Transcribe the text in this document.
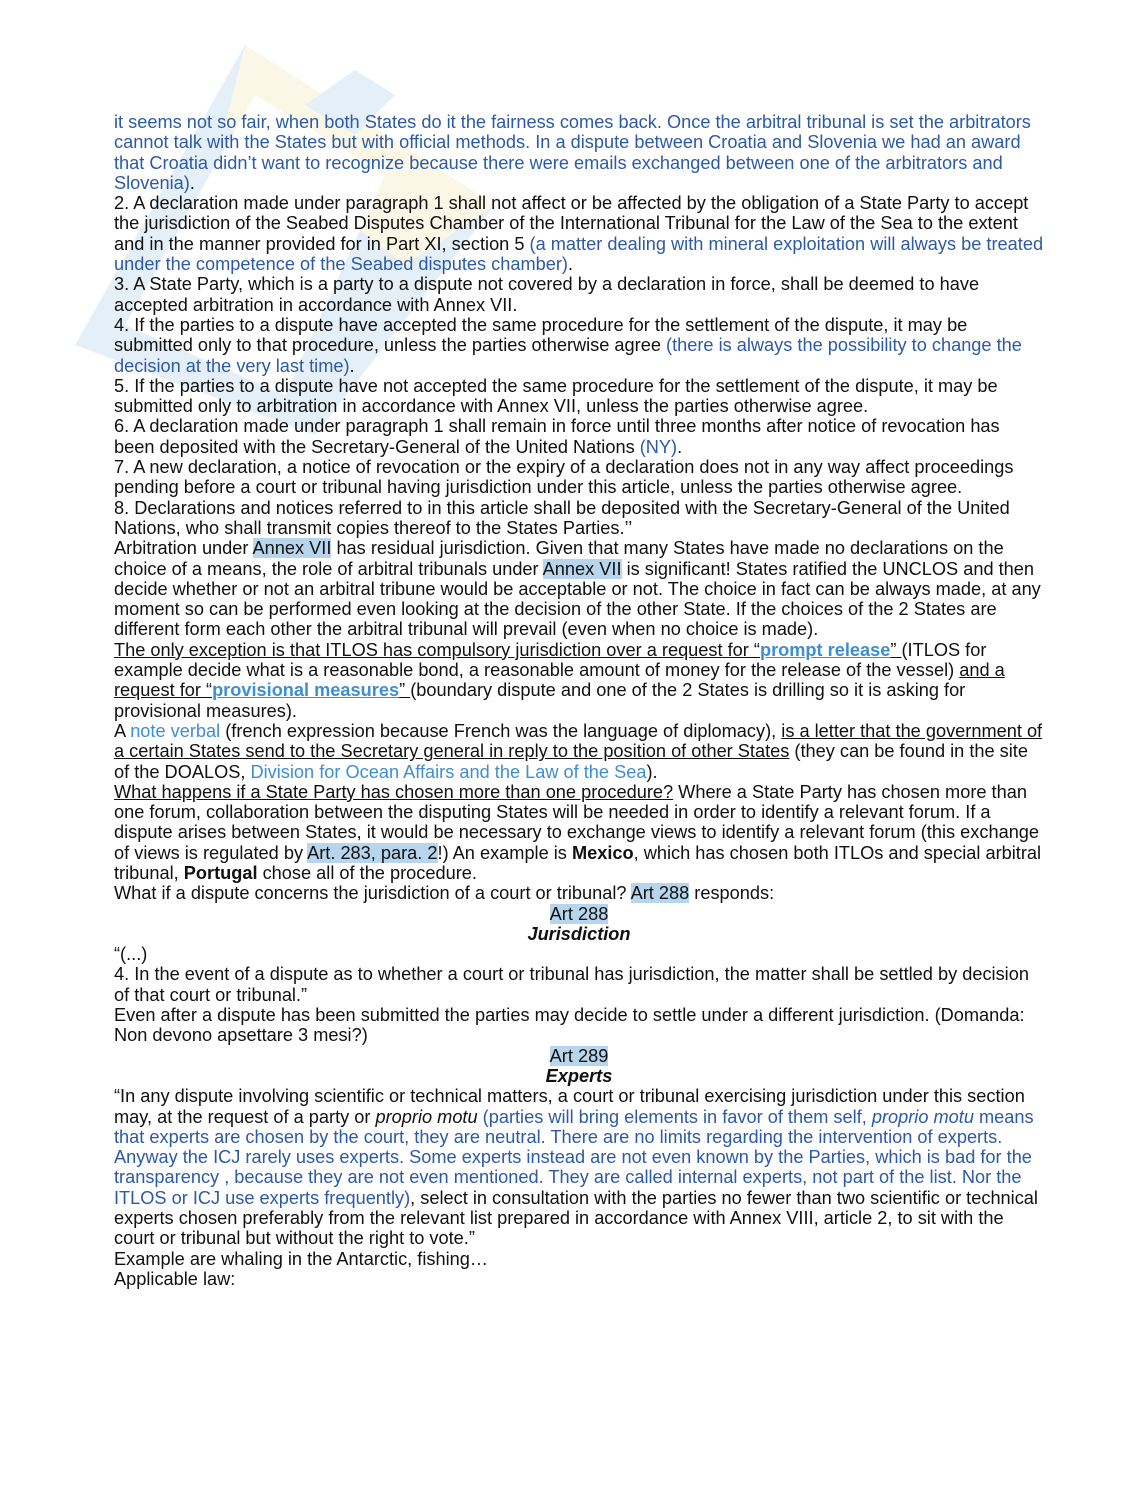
it seems not so fair, when both States do it the fairness comes back. Once the arbitral tribunal is set the arbitrators cannot talk with the States but with official methods. In a dispute between Croatia and Slovenia we had an award that Croatia didn’t want to recognize because there were emails exchanged between one of the arbitrators and Slovenia).

2. A declaration made under paragraph 1 shall not affect or be affected by the obligation of a State Party to accept the jurisdiction of the Seabed Disputes Chamber of the International Tribunal for the Law of the Sea to the extent and in the manner provided for in Part XI, section 5 (a matter dealing with mineral exploitation will always be treated under the competence of the Seabed disputes chamber).

3. A State Party, which is a party to a dispute not covered by a declaration in force, shall be deemed to have accepted arbitration in accordance with Annex VII.

4. If the parties to a dispute have accepted the same procedure for the settlement of the dispute, it may be submitted only to that procedure, unless the parties otherwise agree (there is always the possibility to change the decision at the very last time).

5. If the parties to a dispute have not accepted the same procedure for the settlement of the dispute, it may be submitted only to arbitration in accordance with Annex VII, unless the parties otherwise agree.

6. A declaration made under paragraph 1 shall remain in force until three months after notice of revocation has been deposited with the Secretary-General of the United Nations (NY).

7. A new declaration, a notice of revocation or the expiry of a declaration does not in any way affect proceedings pending before a court or tribunal having jurisdiction under this article, unless the parties otherwise agree.

8. Declarations and notices referred to in this article shall be deposited with the Secretary-General of the United Nations, who shall transmit copies thereof to the States Parties.’’

Arbitration under Annex VII has residual jurisdiction. Given that many States have made no declarations on the choice of a means, the role of arbitral tribunals under Annex VII is significant! States ratified the UNCLOS and then decide whether or not an arbitral tribune would be acceptable or not. The choice in fact can be always made, at any moment so can be performed even looking at the decision of the other State. If the choices of the 2 States are different form each other the arbitral tribunal will prevail (even when no choice is made).

The only exception is that ITLOS has compulsory jurisdiction over a request for “prompt release” (ITLOS for example decide what is a reasonable bond, a reasonable amount of money for the release of the vessel) and a request for “provisional measures” (boundary dispute and one of the 2 States is drilling so it is asking for provisional measures).

A note verbal (french expression because French was the language of diplomacy), is a letter that the government of a certain States send to the Secretary general in reply to the position of other States (they can be found in the site of the DOALOS, Division for Ocean Affairs and the Law of the Sea).

What happens if a State Party has chosen more than one procedure? Where a State Party has chosen more than one forum, collaboration between the disputing States will be needed in order to identify a relevant forum. If a dispute arises between States, it would be necessary to exchange views to identify a relevant forum (this exchange of views is regulated by Art. 283, para. 2!) An example is Mexico, which has chosen both ITLOs and special arbitral tribunal, Portugal chose all of the procedure.

What if a dispute concerns the jurisdiction of a court or tribunal? Art 288 responds:

Art 288

Jurisdiction

“(...)

4. In the event of a dispute as to whether a court or tribunal has jurisdiction, the matter shall be settled by decision of that court or tribunal.”

Even after a dispute has been submitted the parties may decide to settle under a different jurisdiction. (Domanda: Non devono apsettare 3 mesi?)

Art 289

Experts

“In any dispute involving scientific or technical matters, a court or tribunal exercising jurisdiction under this section may, at the request of a party or proprio motu (parties will bring elements in favor of them self, proprio motu means that experts are chosen by the court, they are neutral. There are no limits regarding the intervention of experts. Anyway the ICJ rarely uses experts. Some experts instead are not even known by the Parties, which is bad for the transparency , because they are not even mentioned. They are called internal experts, not part of the list. Nor the ITLOS or ICJ use experts frequently), select in consultation with the parties no fewer than two scientific or technical experts chosen preferably from the relevant list prepared in accordance with Annex VIII, article 2, to sit with the court or tribunal but without the right to vote.”

Example are whaling in the Antarctic, fishing…

Applicable law:
